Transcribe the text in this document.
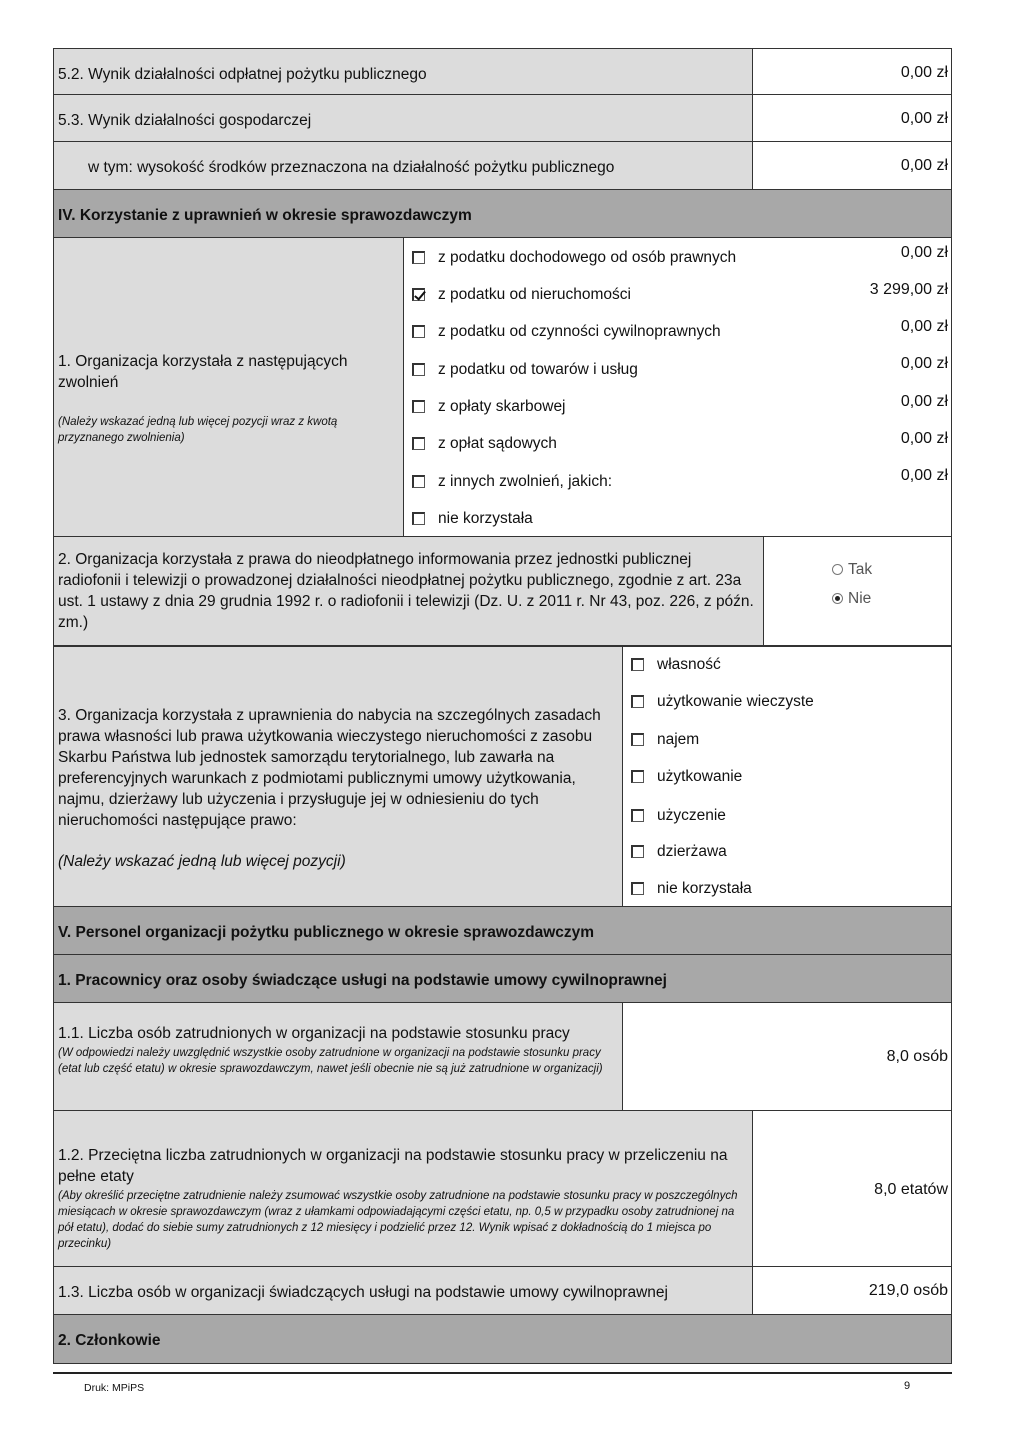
5.2. Wynik działalności odpłatnej pożytku publicznego	0,00 zł
5.3. Wynik działalności gospodarczej	0,00 zł
w tym: wysokość środków przeznaczona na działalność pożytku publicznego	0,00 zł
IV. Korzystanie z uprawnień w okresie sprawozdawczym
1. Organizacja korzystała z następujących zwolnień
(Należy wskazać jedną lub więcej pozycji wraz z kwotą przyznanego zwolnienia)
z podatku dochodowego od osób prawnych	0,00 zł
z podatku od nieruchomości	3 299,00 zł
z podatku od czynności cywilnoprawnych	0,00 zł
z podatku od towarów i usług	0,00 zł
z opłaty skarbowej	0,00 zł
z opłat sądowych	0,00 zł
z innych zwolnień, jakich:	0,00 zł
nie korzystała
2. Organizacja korzystała z prawa do nieodpłatnego informowania przez jednostki publicznej radiofonii i telewizji o prowadzonej działalności nieodpłatnej pożytku publicznego, zgodnie z art. 23a ust. 1 ustawy z dnia 29 grudnia 1992 r. o radiofonii i telewizji (Dz. U. z 2011 r. Nr 43, poz. 226, z późn. zm.)
Tak
Nie
3. Organizacja korzystała z uprawnienia do nabycia na szczególnych zasadach prawa własności lub prawa użytkowania wieczystego nieruchomości z zasobu Skarbu Państwa lub jednostek samorządu terytorialnego, lub zawarła na preferencyjnych warunkach z podmiotami publicznymi umowy użytkowania, najmu, dzierżawy lub użyczenia i przysługuje jej w odniesieniu do tych nieruchomości następujące prawo:
(Należy wskazać jedną lub więcej pozycji)
własność
użytkowanie wieczyste
najem
użytkowanie
użyczenie
dzierżawa
nie korzystała
V. Personel organizacji pożytku publicznego w okresie sprawozdawczym
1. Pracownicy oraz osoby świadczące usługi na podstawie umowy cywilnoprawnej
1.1. Liczba osób zatrudnionych w organizacji na podstawie stosunku pracy
(W odpowiedzi należy uwzględnić wszystkie osoby zatrudnione w organizacji na podstawie stosunku pracy (etat lub część etatu) w okresie sprawozdawczym, nawet jeśli obecnie nie są już zatrudnione w organizacji)
8,0 osób
1.2. Przeciętna liczba zatrudnionych w organizacji na podstawie stosunku pracy w przeliczeniu na pełne etaty
(Aby określić przeciętne zatrudnienie należy zsumować wszystkie osoby zatrudnione na podstawie stosunku pracy w poszczególnych miesiącach w okresie sprawozdawczym (wraz z ułamkami odpowiadającymi części etatu, np. 0,5 w przypadku osoby zatrudnionej na pół etatu), dodać do siebie sumy zatrudnionych z 12 miesięcy i podzielić przez 12. Wynik wpisać z dokładnością do 1 miejsca po przecinku)
8,0 etatów
1.3. Liczba osób w organizacji świadczących usługi na podstawie umowy cywilnoprawnej	219,0 osób
2. Członkowie
Druk: MPiPS	9
